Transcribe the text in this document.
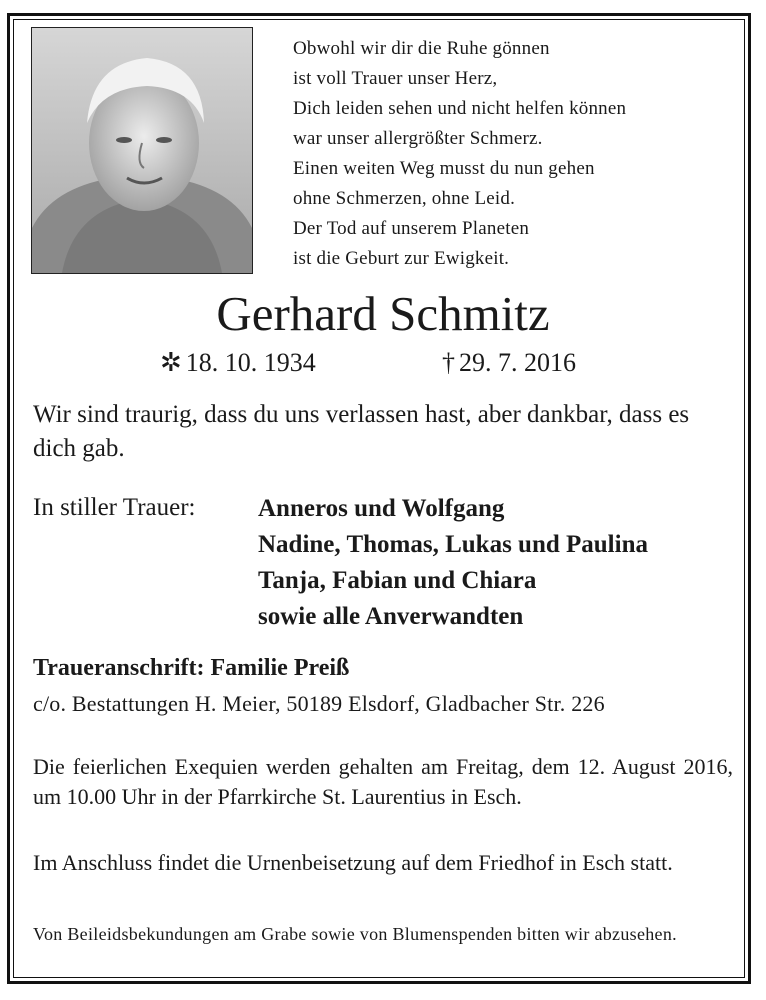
Obwohl wir dir die Ruhe gönnen
ist voll Trauer unser Herz,
Dich leiden sehen und nicht helfen können
war unser allergrößter Schmerz.
Einen weiten Weg musst du nun gehen
ohne Schmerzen, ohne Leid.
Der Tod auf unserem Planeten
ist die Geburt zur Ewigkeit.
Gerhard Schmitz
✲ 18. 10. 1934	† 29. 7. 2016
Wir sind traurig, dass du uns verlassen hast, aber dankbar, dass es dich gab.
In stiller Trauer:	Anneros und Wolfgang
Nadine, Thomas, Lukas und Paulina
Tanja, Fabian und Chiara
sowie alle Anverwandten
Traueranschrift: Familie Preiß
c/o. Bestattungen H. Meier, 50189 Elsdorf, Gladbacher Str. 226
Die feierlichen Exequien werden gehalten am Freitag, dem 12. August 2016, um 10.00 Uhr in der Pfarrkirche St. Laurentius in Esch.
Im Anschluss findet die Urnenbeisetzung auf dem Friedhof in Esch statt.
Von Beileidsbekundungen am Grabe sowie von Blumenspenden bitten wir abzusehen.
